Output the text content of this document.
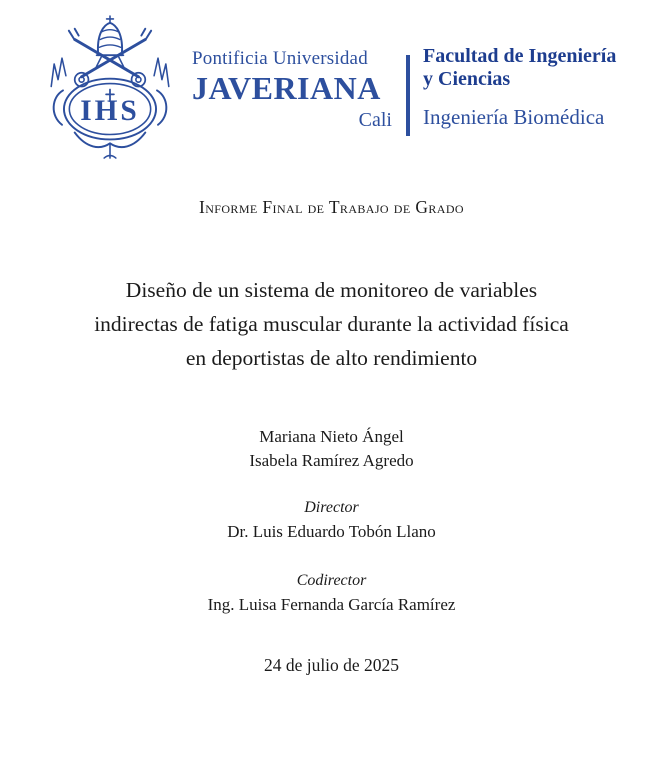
IHS
Pontificia Universidad
JAVERIANA
Cali
Facultad de Ingeniería
y Ciencias
Ingeniería Biomédica
Informe Final de Trabajo de Grado
Diseño de un sistema de monitoreo de variables
indirectas de fatiga muscular durante la actividad física
en deportistas de alto rendimiento
Mariana Nieto Ángel
Isabela Ramírez Agredo
Director
Dr. Luis Eduardo Tobón Llano
Codirector
Ing. Luisa Fernanda García Ramírez
24 de julio de 2025
